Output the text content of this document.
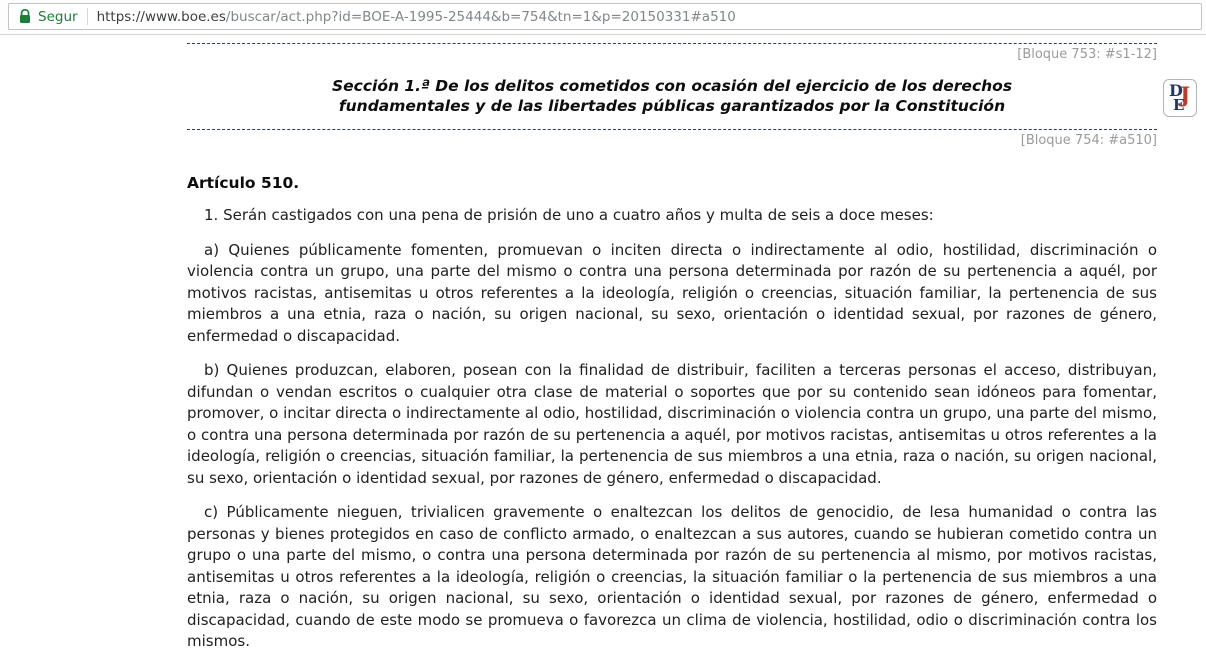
Segur https://www.boe.es/buscar/act.php?id=BOE-A-1995-25444&b=754&tn=1&p=20150331#a510
D
J
E
[Bloque 753: #s1-12]
Sección 1.ª De los delitos cometidos con ocasión del ejercicio de los derechos fundamentales y de las libertades públicas garantizados por la Constitución
[Bloque 754: #a510]
Artículo 510.

1. Serán castigados con una pena de prisión de uno a cuatro años y multa de seis a doce meses:

a) Quienes públicamente fomenten, promuevan o inciten directa o indirectamente al odio, hostilidad, discriminación o violencia contra un grupo, una parte del mismo o contra una persona determinada por razón de su pertenencia a aquél, por motivos racistas, antisemitas u otros referentes a la ideología, religión o creencias, situación familiar, la pertenencia de sus miembros a una etnia, raza o nación, su origen nacional, su sexo, orientación o identidad sexual, por razones de género, enfermedad o discapacidad.

b) Quienes produzcan, elaboren, posean con la finalidad de distribuir, faciliten a terceras personas el acceso, distribuyan, difundan o vendan escritos o cualquier otra clase de material o soportes que por su contenido sean idóneos para fomentar, promover, o incitar directa o indirectamente al odio, hostilidad, discriminación o violencia contra un grupo, una parte del mismo, o contra una persona determinada por razón de su pertenencia a aquél, por motivos racistas, antisemitas u otros referentes a la ideología, religión o creencias, situación familiar, la pertenencia de sus miembros a una etnia, raza o nación, su origen nacional, su sexo, orientación o identidad sexual, por razones de género, enfermedad o discapacidad.

c) Públicamente nieguen, trivialicen gravemente o enaltezcan los delitos de genocidio, de lesa humanidad o contra las personas y bienes protegidos en caso de conflicto armado, o enaltezcan a sus autores, cuando se hubieran cometido contra un grupo o una parte del mismo, o contra una persona determinada por razón de su pertenencia al mismo, por motivos racistas, antisemitas u otros referentes a la ideología, religión o creencias, la situación familiar o la pertenencia de sus miembros a una etnia, raza o nación, su origen nacional, su sexo, orientación o identidad sexual, por razones de género, enfermedad o discapacidad, cuando de este modo se promueva o favorezca un clima de violencia, hostilidad, odio o discriminación contra los mismos.
